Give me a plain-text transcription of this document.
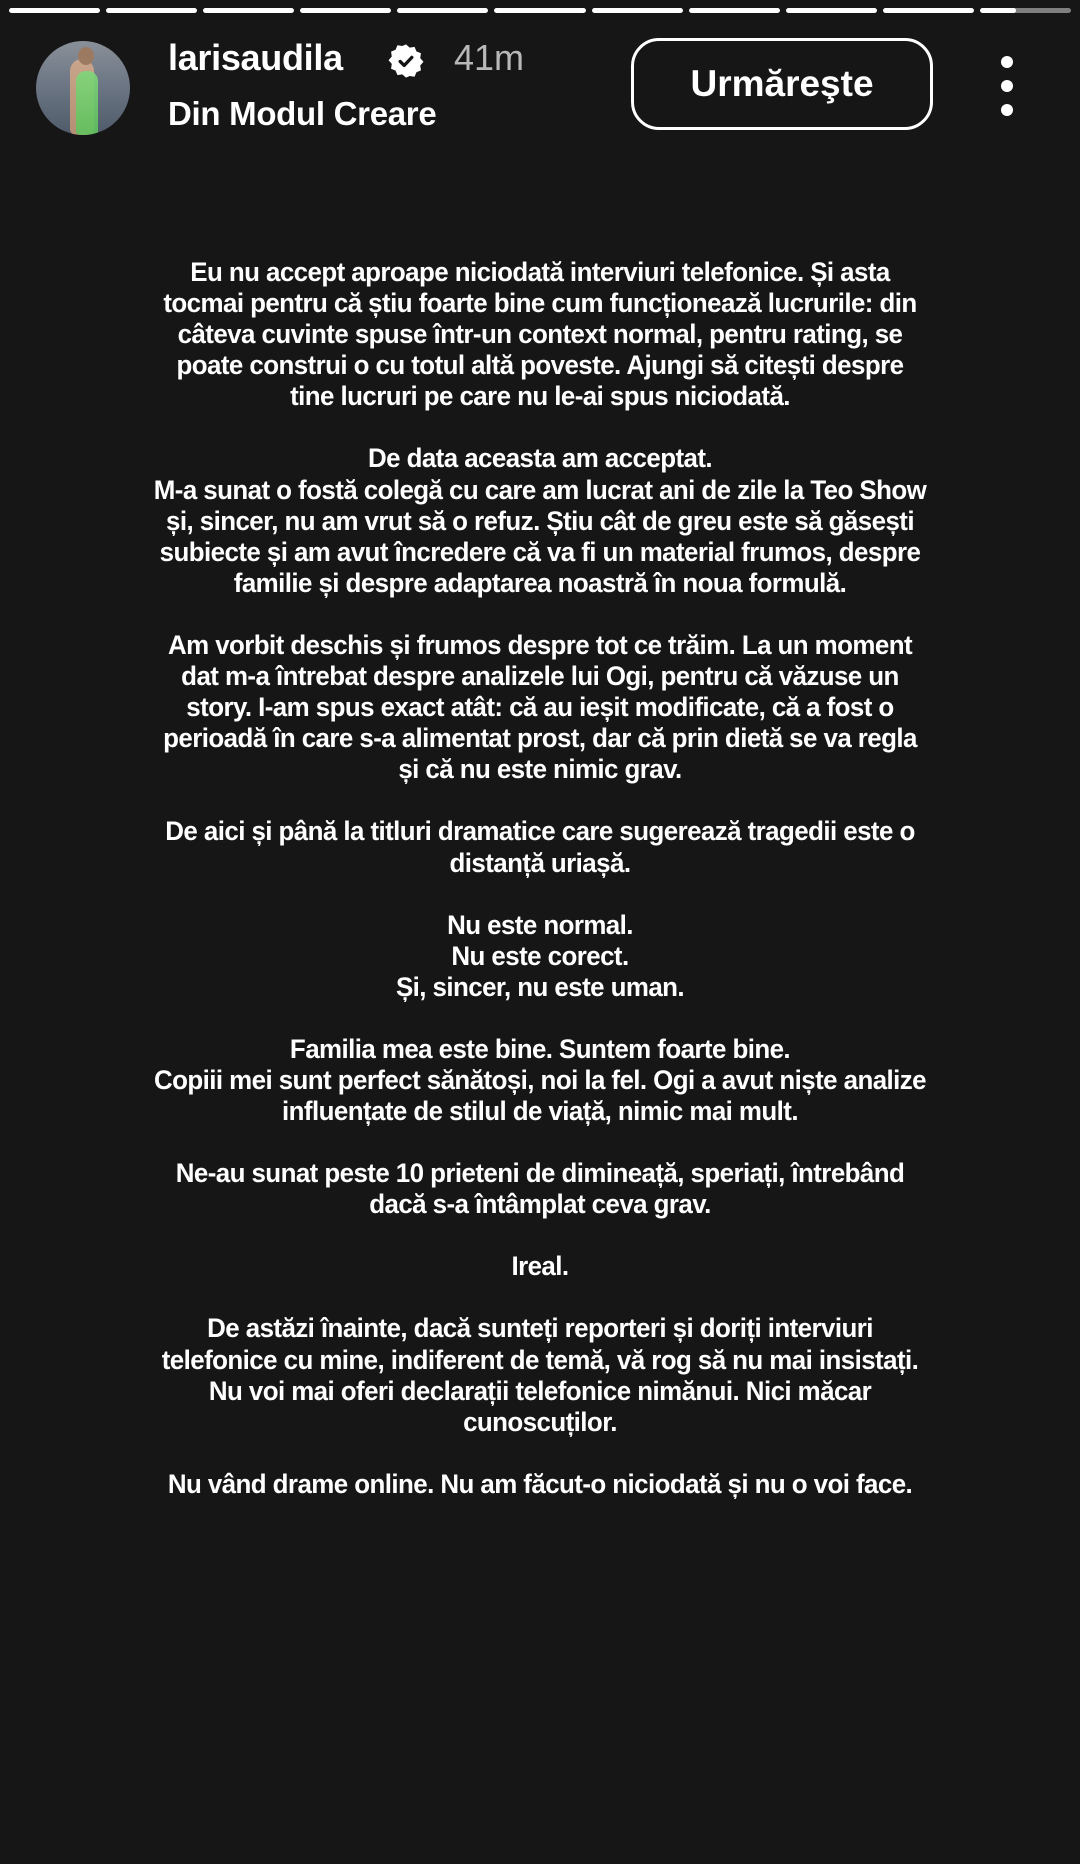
larisaudila	41m
Din Modul Creare
Urmăreşte
Eu nu accept aproape niciodată interviuri telefonice. Și asta
tocmai pentru că știu foarte bine cum funcționează lucrurile: din
câteva cuvinte spuse într-un context normal, pentru rating, se
poate construi o cu totul altă poveste. Ajungi să citești despre
tine lucruri pe care nu le-ai spus niciodată.
De data aceasta am acceptat.
M-a sunat o fostă colegă cu care am lucrat ani de zile la Teo Show
și, sincer, nu am vrut să o refuz. Știu cât de greu este să găsești
subiecte și am avut încredere că va fi un material frumos, despre
familie și despre adaptarea noastră în noua formulă.
Am vorbit deschis și frumos despre tot ce trăim. La un moment
dat m-a întrebat despre analizele lui Ogi, pentru că văzuse un
story. I-am spus exact atât: că au ieșit modificate, că a fost o
perioadă în care s-a alimentat prost, dar că prin dietă se va regla
și că nu este nimic grav.
De aici și până la titluri dramatice care sugerează tragedii este o
distanță uriașă.
Nu este normal.
Nu este corect.
Și, sincer, nu este uman.
Familia mea este bine. Suntem foarte bine.
Copiii mei sunt perfect sănătoși, noi la fel. Ogi a avut niște analize
influențate de stilul de viață, nimic mai mult.
Ne-au sunat peste 10 prieteni de dimineață, speriați, întrebând
dacă s-a întâmplat ceva grav.
Ireal.
De astăzi înainte, dacă sunteți reporteri și doriți interviuri
telefonice cu mine, indiferent de temă, vă rog să nu mai insistați.
Nu voi mai oferi declarații telefonice nimănui. Nici măcar
cunoscuților.
Nu vând drame online. Nu am făcut-o niciodată și nu o voi face.
